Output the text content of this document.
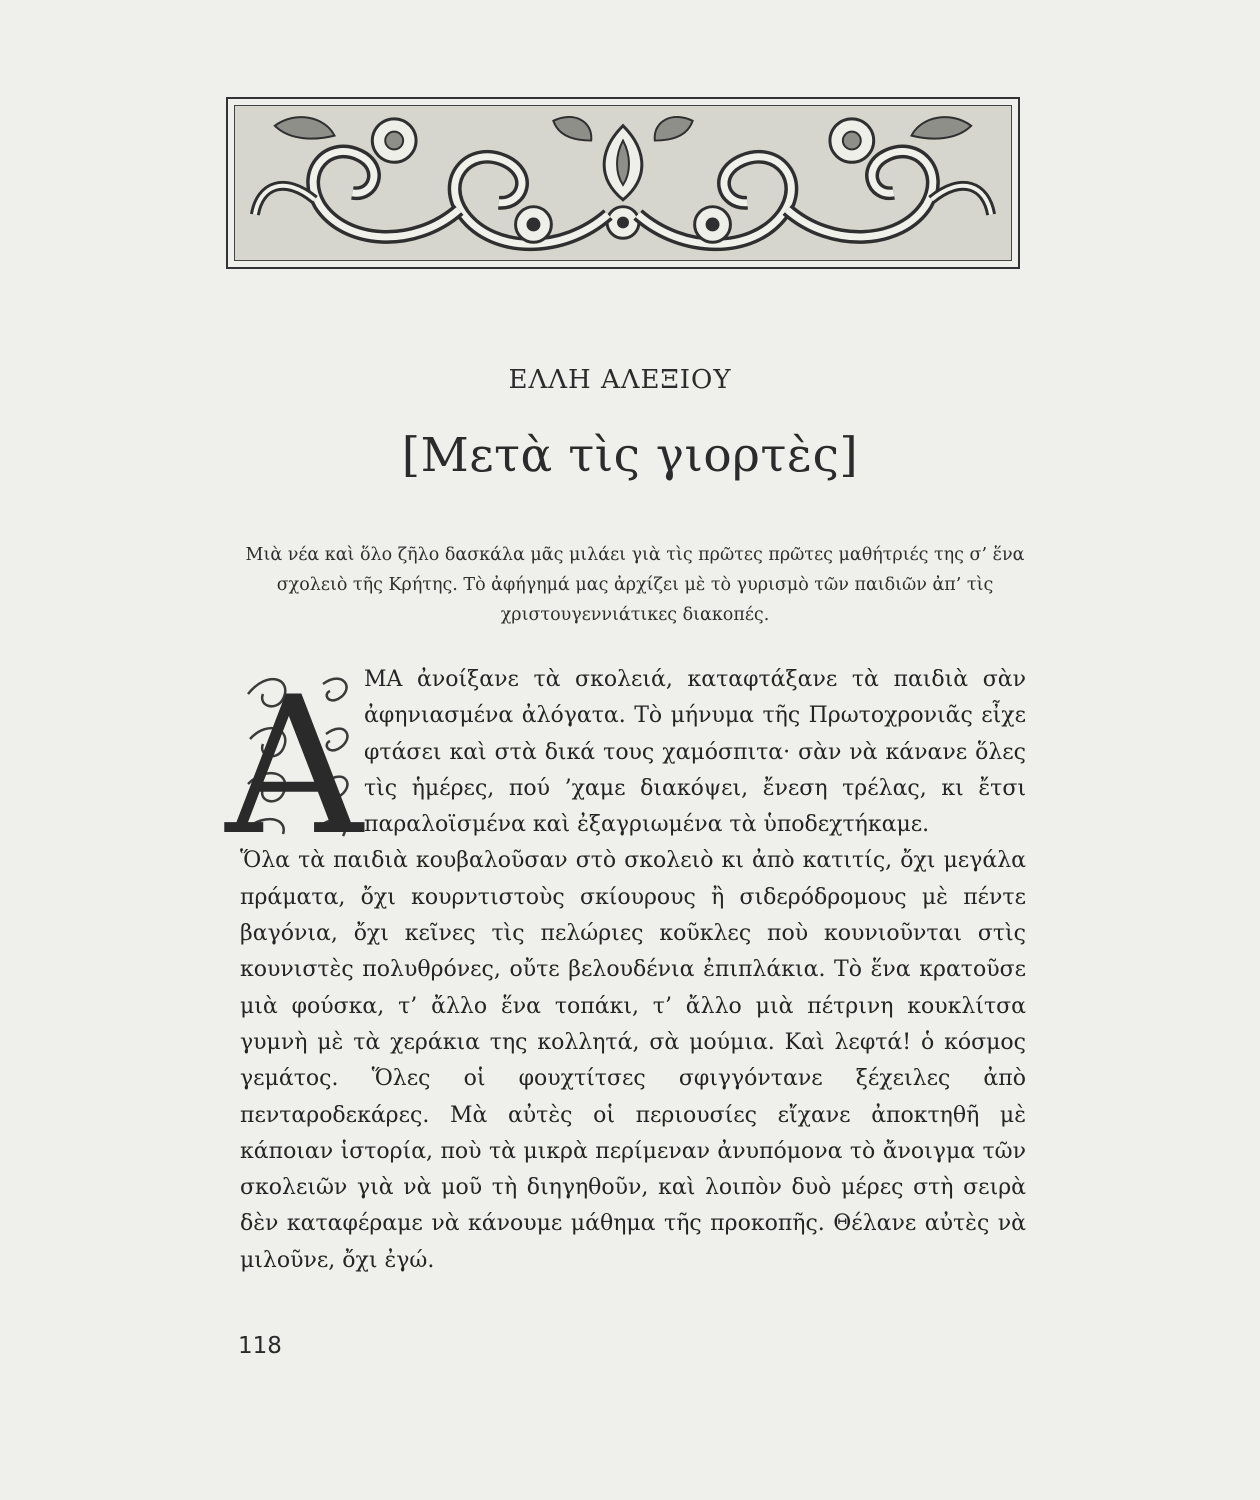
ΕΛΛΗ ΑΛΕΞΙΟΥ
[Μετὰ τὶς γιορτὲς]
Μιὰ νέα καὶ ὅλο ζῆλο δασκάλα μᾶς μιλάει γιὰ τὶς πρῶτες πρῶτες μαθήτριές της σ’ ἕνα σχολειὸ τῆς Κρήτης. Τὸ ἀφήγημά μας ἀρχίζει μὲ τὸ γυρισμὸ τῶν παιδιῶν ἀπ’ τὶς χριστουγεννιάτικες διακοπές.
Α ΜΑ ἀνοίξανε τὰ σκολειά, καταφτάξανε τὰ παιδιὰ σὰν ἀφηνιασμένα ἀλόγατα. Τὸ μήνυμα τῆς Πρωτοχρονιᾶς εἶχε φτάσει καὶ στὰ δικά τους χαμόσπιτα· σὰν νὰ κάνανε ὅλες τὶς ἡμέρες, πού ’χαμε διακόψει, ἔνεση τρέλας, κι ἔτσι παραλοϊσμένα καὶ ἐξαγριωμένα τὰ ὑποδεχτήκαμε.

Ὅλα τὰ παιδιὰ κουβαλοῦσαν στὸ σκολειὸ κι ἀπὸ κατιτίς, ὄχι μεγάλα πράματα, ὄχι κουρντιστοὺς σκίουρους ἢ σιδερόδρομους μὲ πέντε βαγόνια, ὄχι κεῖνες τὶς πελώριες κοῦκλες ποὺ κουνιοῦνται στὶς κουνιστὲς πολυθρόνες, οὔτε βελουδένια ἐπιπλάκια. Τὸ ἕνα κρατοῦσε μιὰ φούσκα, τ’ ἄλλο ἕνα τοπάκι, τ’ ἄλλο μιὰ πέτρινη κουκλίτσα γυμνὴ μὲ τὰ χεράκια της κολλητά, σὰ μούμια. Καὶ λεφτά! ὁ κόσμος γεμάτος. Ὅλες οἱ φουχτίτσες σφιγγόντανε ξέχειλες ἀπὸ πενταροδεκάρες. Μὰ αὐτὲς οἱ περιουσίες εἴχανε ἀποκτηθῆ μὲ κάποιαν ἱστορία, ποὺ τὰ μικρὰ περίμεναν ἀνυπόμονα τὸ ἄνοιγμα τῶν σκολειῶν γιὰ νὰ μοῦ τὴ διηγηθοῦν, καὶ λοιπὸν δυὸ μέρες στὴ σειρὰ δὲν καταφέραμε νὰ κάνουμε μάθημα τῆς προκοπῆς. Θέλανε αὐτὲς νὰ μιλοῦνε, ὄχι ἐγώ.

118
